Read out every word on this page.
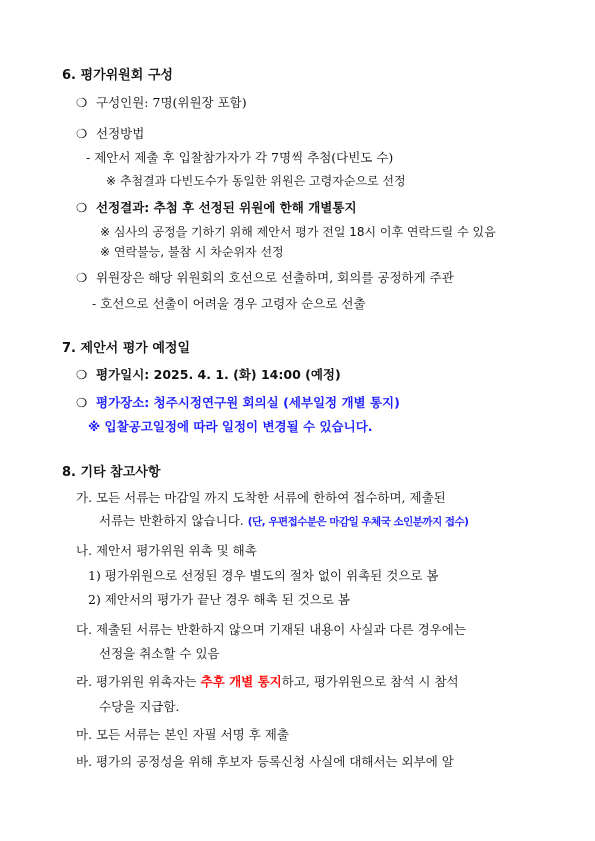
6. 평가위원회 구성
❍ 구성인원: 7명(위원장 포함)
❍ 선정방법
- 제안서 제출 후 입찰참가자가 각 7명씩 추첨(다빈도 수)
※ 추첨결과 다빈도수가 동일한 위원은 고령자순으로 선정
❍ 선정결과: 추첨 후 선정된 위원에 한해 개별통지
※ 심사의 공정을 기하기 위해 제안서 평가 전일 18시 이후 연락드릴 수 있음
※ 연락불능, 불참 시 차순위자 선정
❍ 위원장은 해당 위원회의 호선으로 선출하며, 회의를 공정하게 주관
- 호선으로 선출이 어려울 경우 고령자 순으로 선출
7. 제안서 평가 예정일
❍ 평가일시: 2025. 4. 1. (화) 14:00 (예정)
❍ 평가장소: 청주시정연구원 회의실 (세부일정 개별 통지)
※ 입찰공고일정에 따라 일정이 변경될 수 있습니다.
8. 기타 참고사항
가. 모든 서류는 마감일 까지 도착한 서류에 한하여 접수하며, 제출된
서류는 반환하지 않습니다. (단, 우편접수분은 마감일 우체국 소인분까지 접수)
나. 제안서 평가위원 위촉 및 해촉
1) 평가위원으로 선정된 경우 별도의 절차 없이 위촉된 것으로 봄
2) 제안서의 평가가 끝난 경우 해촉 된 것으로 봄
다. 제출된 서류는 반환하지 않으며 기재된 내용이 사실과 다른 경우에는
선정을 취소할 수 있음
라. 평가위원 위촉자는 추후 개별 통지하고, 평가위원으로 참석 시 참석
수당을 지급함.
마. 모든 서류는 본인 자필 서명 후 제출
바. 평가의 공정성을 위해 후보자 등록신청 사실에 대해서는 외부에 알
